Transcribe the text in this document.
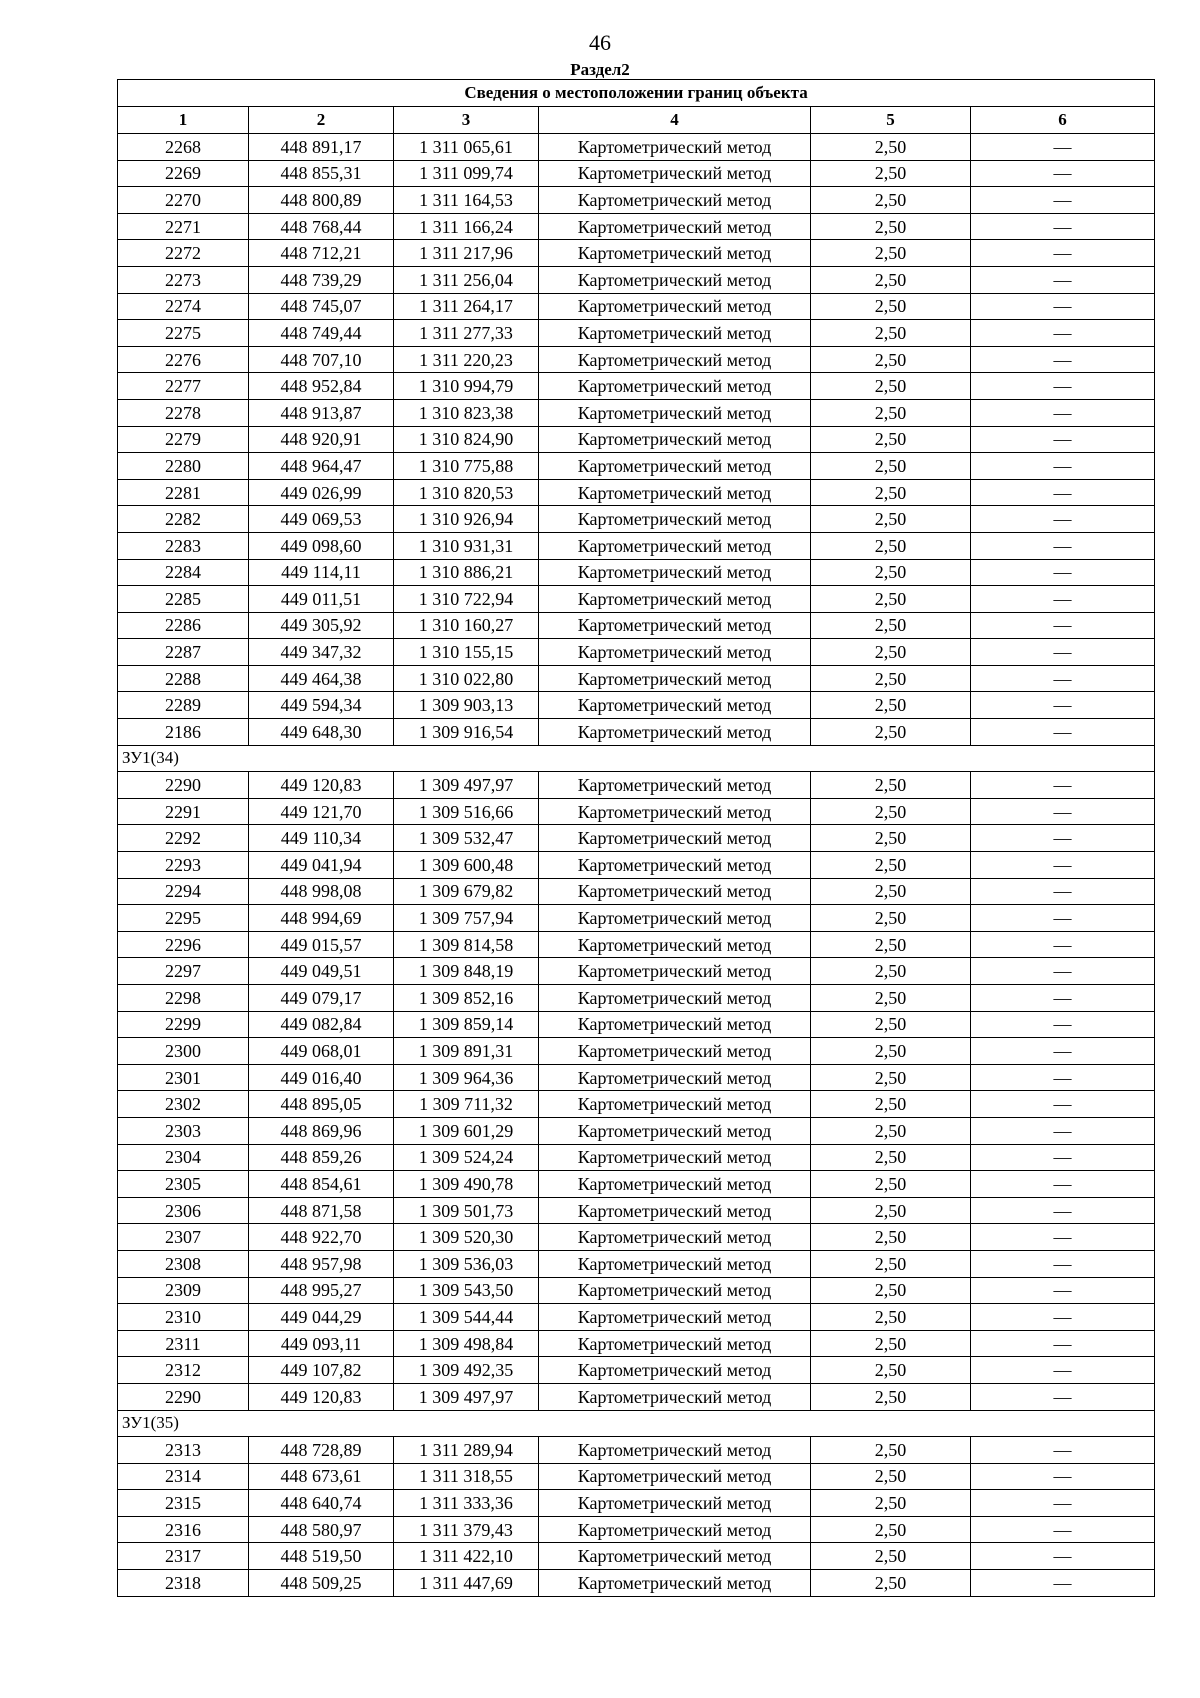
46
Раздел2
Сведения о местоположении границ объекта					
1	2	3	4	5	6
2268	448 891,17	1 311 065,61	Картометрический метод	2,50	—
2269	448 855,31	1 311 099,74	Картометрический метод	2,50	—
2270	448 800,89	1 311 164,53	Картометрический метод	2,50	—
2271	448 768,44	1 311 166,24	Картометрический метод	2,50	—
2272	448 712,21	1 311 217,96	Картометрический метод	2,50	—
2273	448 739,29	1 311 256,04	Картометрический метод	2,50	—
2274	448 745,07	1 311 264,17	Картометрический метод	2,50	—
2275	448 749,44	1 311 277,33	Картометрический метод	2,50	—
2276	448 707,10	1 311 220,23	Картометрический метод	2,50	—
2277	448 952,84	1 310 994,79	Картометрический метод	2,50	—
2278	448 913,87	1 310 823,38	Картометрический метод	2,50	—
2279	448 920,91	1 310 824,90	Картометрический метод	2,50	—
2280	448 964,47	1 310 775,88	Картометрический метод	2,50	—
2281	449 026,99	1 310 820,53	Картометрический метод	2,50	—
2282	449 069,53	1 310 926,94	Картометрический метод	2,50	—
2283	449 098,60	1 310 931,31	Картометрический метод	2,50	—
2284	449 114,11	1 310 886,21	Картометрический метод	2,50	—
2285	449 011,51	1 310 722,94	Картометрический метод	2,50	—
2286	449 305,92	1 310 160,27	Картометрический метод	2,50	—
2287	449 347,32	1 310 155,15	Картометрический метод	2,50	—
2288	449 464,38	1 310 022,80	Картометрический метод	2,50	—
2289	449 594,34	1 309 903,13	Картометрический метод	2,50	—
2186	449 648,30	1 309 916,54	Картометрический метод	2,50	—
ЗУ1(34)					
2290	449 120,83	1 309 497,97	Картометрический метод	2,50	—
2291	449 121,70	1 309 516,66	Картометрический метод	2,50	—
2292	449 110,34	1 309 532,47	Картометрический метод	2,50	—
2293	449 041,94	1 309 600,48	Картометрический метод	2,50	—
2294	448 998,08	1 309 679,82	Картометрический метод	2,50	—
2295	448 994,69	1 309 757,94	Картометрический метод	2,50	—
2296	449 015,57	1 309 814,58	Картометрический метод	2,50	—
2297	449 049,51	1 309 848,19	Картометрический метод	2,50	—
2298	449 079,17	1 309 852,16	Картометрический метод	2,50	—
2299	449 082,84	1 309 859,14	Картометрический метод	2,50	—
2300	449 068,01	1 309 891,31	Картометрический метод	2,50	—
2301	449 016,40	1 309 964,36	Картометрический метод	2,50	—
2302	448 895,05	1 309 711,32	Картометрический метод	2,50	—
2303	448 869,96	1 309 601,29	Картометрический метод	2,50	—
2304	448 859,26	1 309 524,24	Картометрический метод	2,50	—
2305	448 854,61	1 309 490,78	Картометрический метод	2,50	—
2306	448 871,58	1 309 501,73	Картометрический метод	2,50	—
2307	448 922,70	1 309 520,30	Картометрический метод	2,50	—
2308	448 957,98	1 309 536,03	Картометрический метод	2,50	—
2309	448 995,27	1 309 543,50	Картометрический метод	2,50	—
2310	449 044,29	1 309 544,44	Картометрический метод	2,50	—
2311	449 093,11	1 309 498,84	Картометрический метод	2,50	—
2312	449 107,82	1 309 492,35	Картометрический метод	2,50	—
2290	449 120,83	1 309 497,97	Картометрический метод	2,50	—
ЗУ1(35)					
2313	448 728,89	1 311 289,94	Картометрический метод	2,50	—
2314	448 673,61	1 311 318,55	Картометрический метод	2,50	—
2315	448 640,74	1 311 333,36	Картометрический метод	2,50	—
2316	448 580,97	1 311 379,43	Картометрический метод	2,50	—
2317	448 519,50	1 311 422,10	Картометрический метод	2,50	—
2318	448 509,25	1 311 447,69	Картометрический метод	2,50	—
